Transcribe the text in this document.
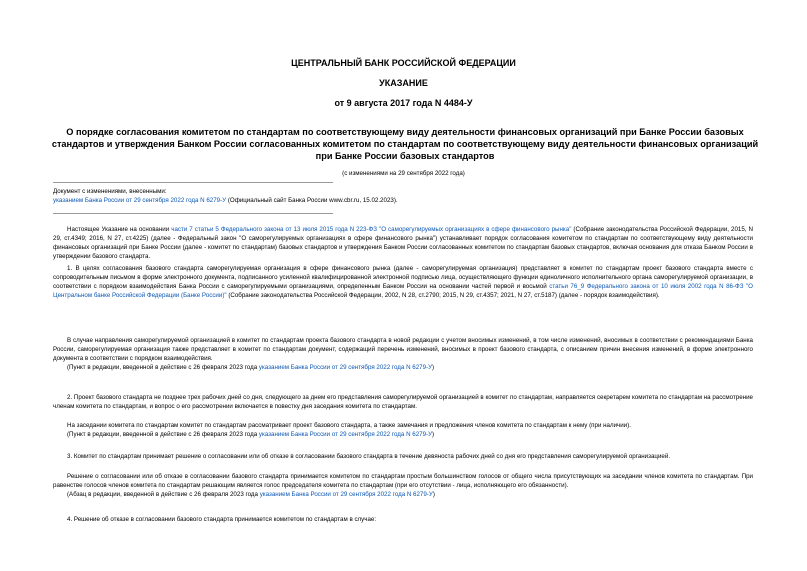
ЦЕНТРАЛЬНЫЙ БАНК РОССИЙСКОЙ ФЕДЕРАЦИИ
УКАЗАНИЕ
от 9 августа 2017 года N 4484-У
О порядке согласования комитетом по стандартам по соответствующему виду деятельности финансовых организаций при Банке России базовых стандартов и утверждения Банком России согласованных комитетом по стандартам по соответствующему виду деятельности финансовых организаций при Банке России базовых стандартов
(с изменениями на 29 сентября 2022 года)
Документ с изменениями, внесенными:
указанием Банка России от 29 сентября 2022 года N 6279-У (Официальный сайт Банка России www.cbr.ru, 15.02.2023).
Настоящее Указание на основании части 7 статьи 5 Федерального закона от 13 июля 2015 года N 223-ФЗ "О саморегулируемых организациях в сфере финансового рынка" (Собрание законодательства Российской Федерации, 2015, N 29, ст.4349; 2016, N 27, ст.4225) (далее - Федеральный закон "О саморегулируемых организациях в сфере финансового рынка") устанавливает порядок согласования комитетом по стандартам по соответствующему виду деятельности финансовых организаций при Банке России (далее - комитет по стандартам) базовых стандартов и утверждения Банком России согласованных комитетом по стандартам базовых стандартов, включая основания для отказа Банком России в утверждении базового стандарта.
1. В целях согласования базового стандарта саморегулируемая организация в сфере финансового рынка (далее - саморегулируемая организация) представляет в комитет по стандартам проект базового стандарта вместе с сопроводительным письмом в форме электронного документа, подписанного усиленной квалифицированной электронной подписью лица, осуществляющего функции единоличного исполнительного органа саморегулируемой организации, в соответствии с порядком взаимодействия Банка России с саморегулируемыми организациями, определенным Банком России на основании частей первой и восьмой статьи 76_9 Федерального закона от 10 июля 2002 года N 86-ФЗ "О Центральном банке Российской Федерации (Банке России)" (Собрание законодательства Российской Федерации, 2002, N 28, ст.2790; 2015, N 29, ст.4357; 2021, N 27, ст.5187) (далее - порядок взаимодействия).
В случае направления саморегулируемой организацией в комитет по стандартам проекта базового стандарта в новой редакции с учетом вносимых изменений, в том числе изменений, вносимых в соответствии с рекомендациями Банка России, саморегулируемая организация также представляет в комитет по стандартам документ, содержащий перечень изменений, вносимых в проект базового стандарта, с описанием причин внесения изменений, в форме электронного документа в соответствии с порядком взаимодействия.
(Пункт в редакции, введенной в действие с 26 февраля 2023 года указанием Банка России от 29 сентября 2022 года N 6279-У)
2. Проект базового стандарта не позднее трех рабочих дней со дня, следующего за днем его представления саморегулируемой организацией в комитет по стандартам, направляется секретарем комитета по стандартам на рассмотрение членам комитета по стандартам, и вопрос о его рассмотрении включается в повестку дня заседания комитета по стандартам.
На заседании комитета по стандартам комитет по стандартам рассматривает проект базового стандарта, а также замечания и предложения членов комитета по стандартам к нему (при наличии).
(Пункт в редакции, введенной в действие с 26 февраля 2023 года указанием Банка России от 29 сентября 2022 года N 6279-У)
3. Комитет по стандартам принимает решение о согласовании или об отказе в согласовании базового стандарта в течение девяноста рабочих дней со дня его представления саморегулируемой организацией.
Решение о согласовании или об отказе в согласовании базового стандарта принимается комитетом по стандартам простым большинством голосов от общего числа присутствующих на заседании членов комитета по стандартам. При равенстве голосов членов комитета по стандартам решающим является голос председателя комитета по стандартам (при его отсутствии - лица, исполняющего его обязанности).
(Абзац в редакции, введенной в действие с 26 февраля 2023 года указанием Банка России от 29 сентября 2022 года N 6279-У)
4. Решение об отказе в согласовании базового стандарта принимается комитетом по стандартам в случае:
